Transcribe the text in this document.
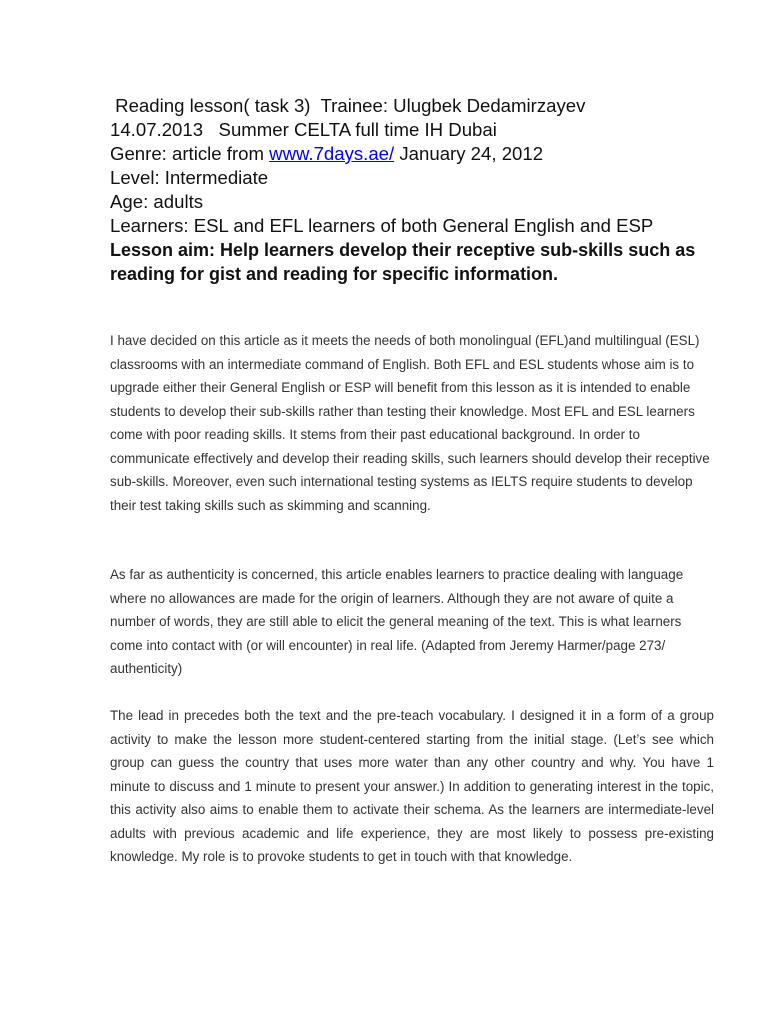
Reading lesson( task 3)  Trainee: Ulugbek Dedamirzayev
14.07.2013   Summer CELTA full time IH Dubai
Genre: article from www.7days.ae/ January 24, 2012
Level: Intermediate
Age: adults
Learners: ESL and EFL learners of both General English and ESP
Lesson aim: Help learners develop their receptive sub-skills such as reading for gist and reading for specific information.

I have decided on this article as it meets the needs of both monolingual (EFL)and multilingual (ESL) classrooms with an intermediate command of English. Both EFL and ESL students whose aim is to upgrade either their General English or ESP will benefit from this lesson as it is intended to enable students to develop their sub-skills rather than testing their knowledge. Most EFL and ESL learners come with poor reading skills. It stems from their past educational background. In order to communicate effectively and develop their reading skills, such learners should develop their receptive sub-skills. Moreover, even such international testing systems as IELTS require students to develop their test taking skills such as skimming and scanning.

As far as authenticity is concerned, this article enables learners to practice dealing with language where no allowances are made for the origin of learners. Although they are not aware of quite a number of words, they are still able to elicit the general meaning of the text. This is what learners come into contact with (or will encounter) in real life. (Adapted from Jeremy Harmer/page 273/ authenticity)

The lead in precedes both the text and the pre-teach vocabulary. I designed it in a form of a group activity to make the lesson more student-centered starting from the initial stage. (Let’s see which group can guess the country that uses more water than any other country and why. You have 1 minute to discuss and 1 minute to present your answer.) In addition to generating interest in the topic, this activity also aims to enable them to activate their schema. As the learners are intermediate-level adults with previous academic and life experience, they are most likely to possess pre-existing knowledge. My role is to provoke students to get in touch with that knowledge.
